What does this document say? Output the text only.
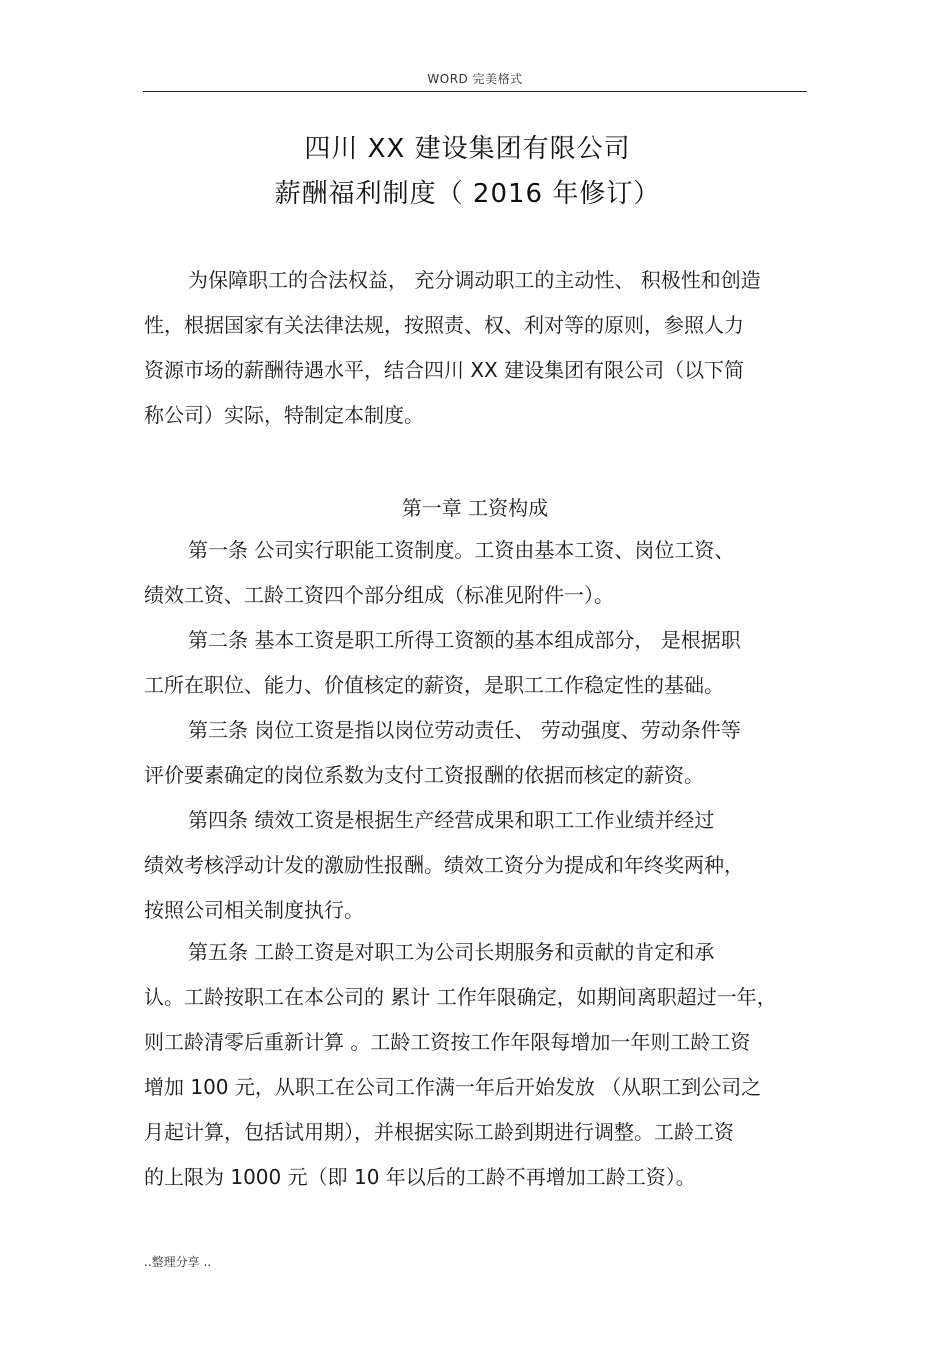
WORD 完美格式
四川 XX 建设集团有限公司
薪酬福利制度（ 2016 年修订）
为保障职工的合法权益， 充分调动职工的主动性、 积极性和创造
性，根据国家有关法律法规，按照责、权、利对等的原则，参照人力
资源市场的薪酬待遇水平，结合四川 XX 建设集团有限公司（以下简
称公司）实际，特制定本制度。
第一章 工资构成
第一条 公司实行职能工资制度。工资由基本工资、岗位工资、
绩效工资、工龄工资四个部分组成（标准见附件一）。
第二条 基本工资是职工所得工资额的基本组成部分， 是根据职
工所在职位、能力、价值核定的薪资，是职工工作稳定性的基础。
第三条 岗位工资是指以岗位劳动责任、 劳动强度、劳动条件等
评价要素确定的岗位系数为支付工资报酬的依据而核定的薪资。
第四条 绩效工资是根据生产经营成果和职工工作业绩并经过
绩效考核浮动计发的激励性报酬。绩效工资分为提成和年终奖两种，
按照公司相关制度执行。
第五条 工龄工资是对职工为公司长期服务和贡献的肯定和承
认。工龄按职工在本公司的 累计 工作年限确定，如期间离职超过一年，
则工龄清零后重新计算 。工龄工资按工作年限每增加一年则工龄工资
增加 100 元，从职工在公司工作满一年后开始发放 （从职工到公司之
月起计算，包括试用期），并根据实际工龄到期进行调整。工龄工资
的上限为 1000 元（即 10 年以后的工龄不再增加工龄工资）。
..整理分享 ..
